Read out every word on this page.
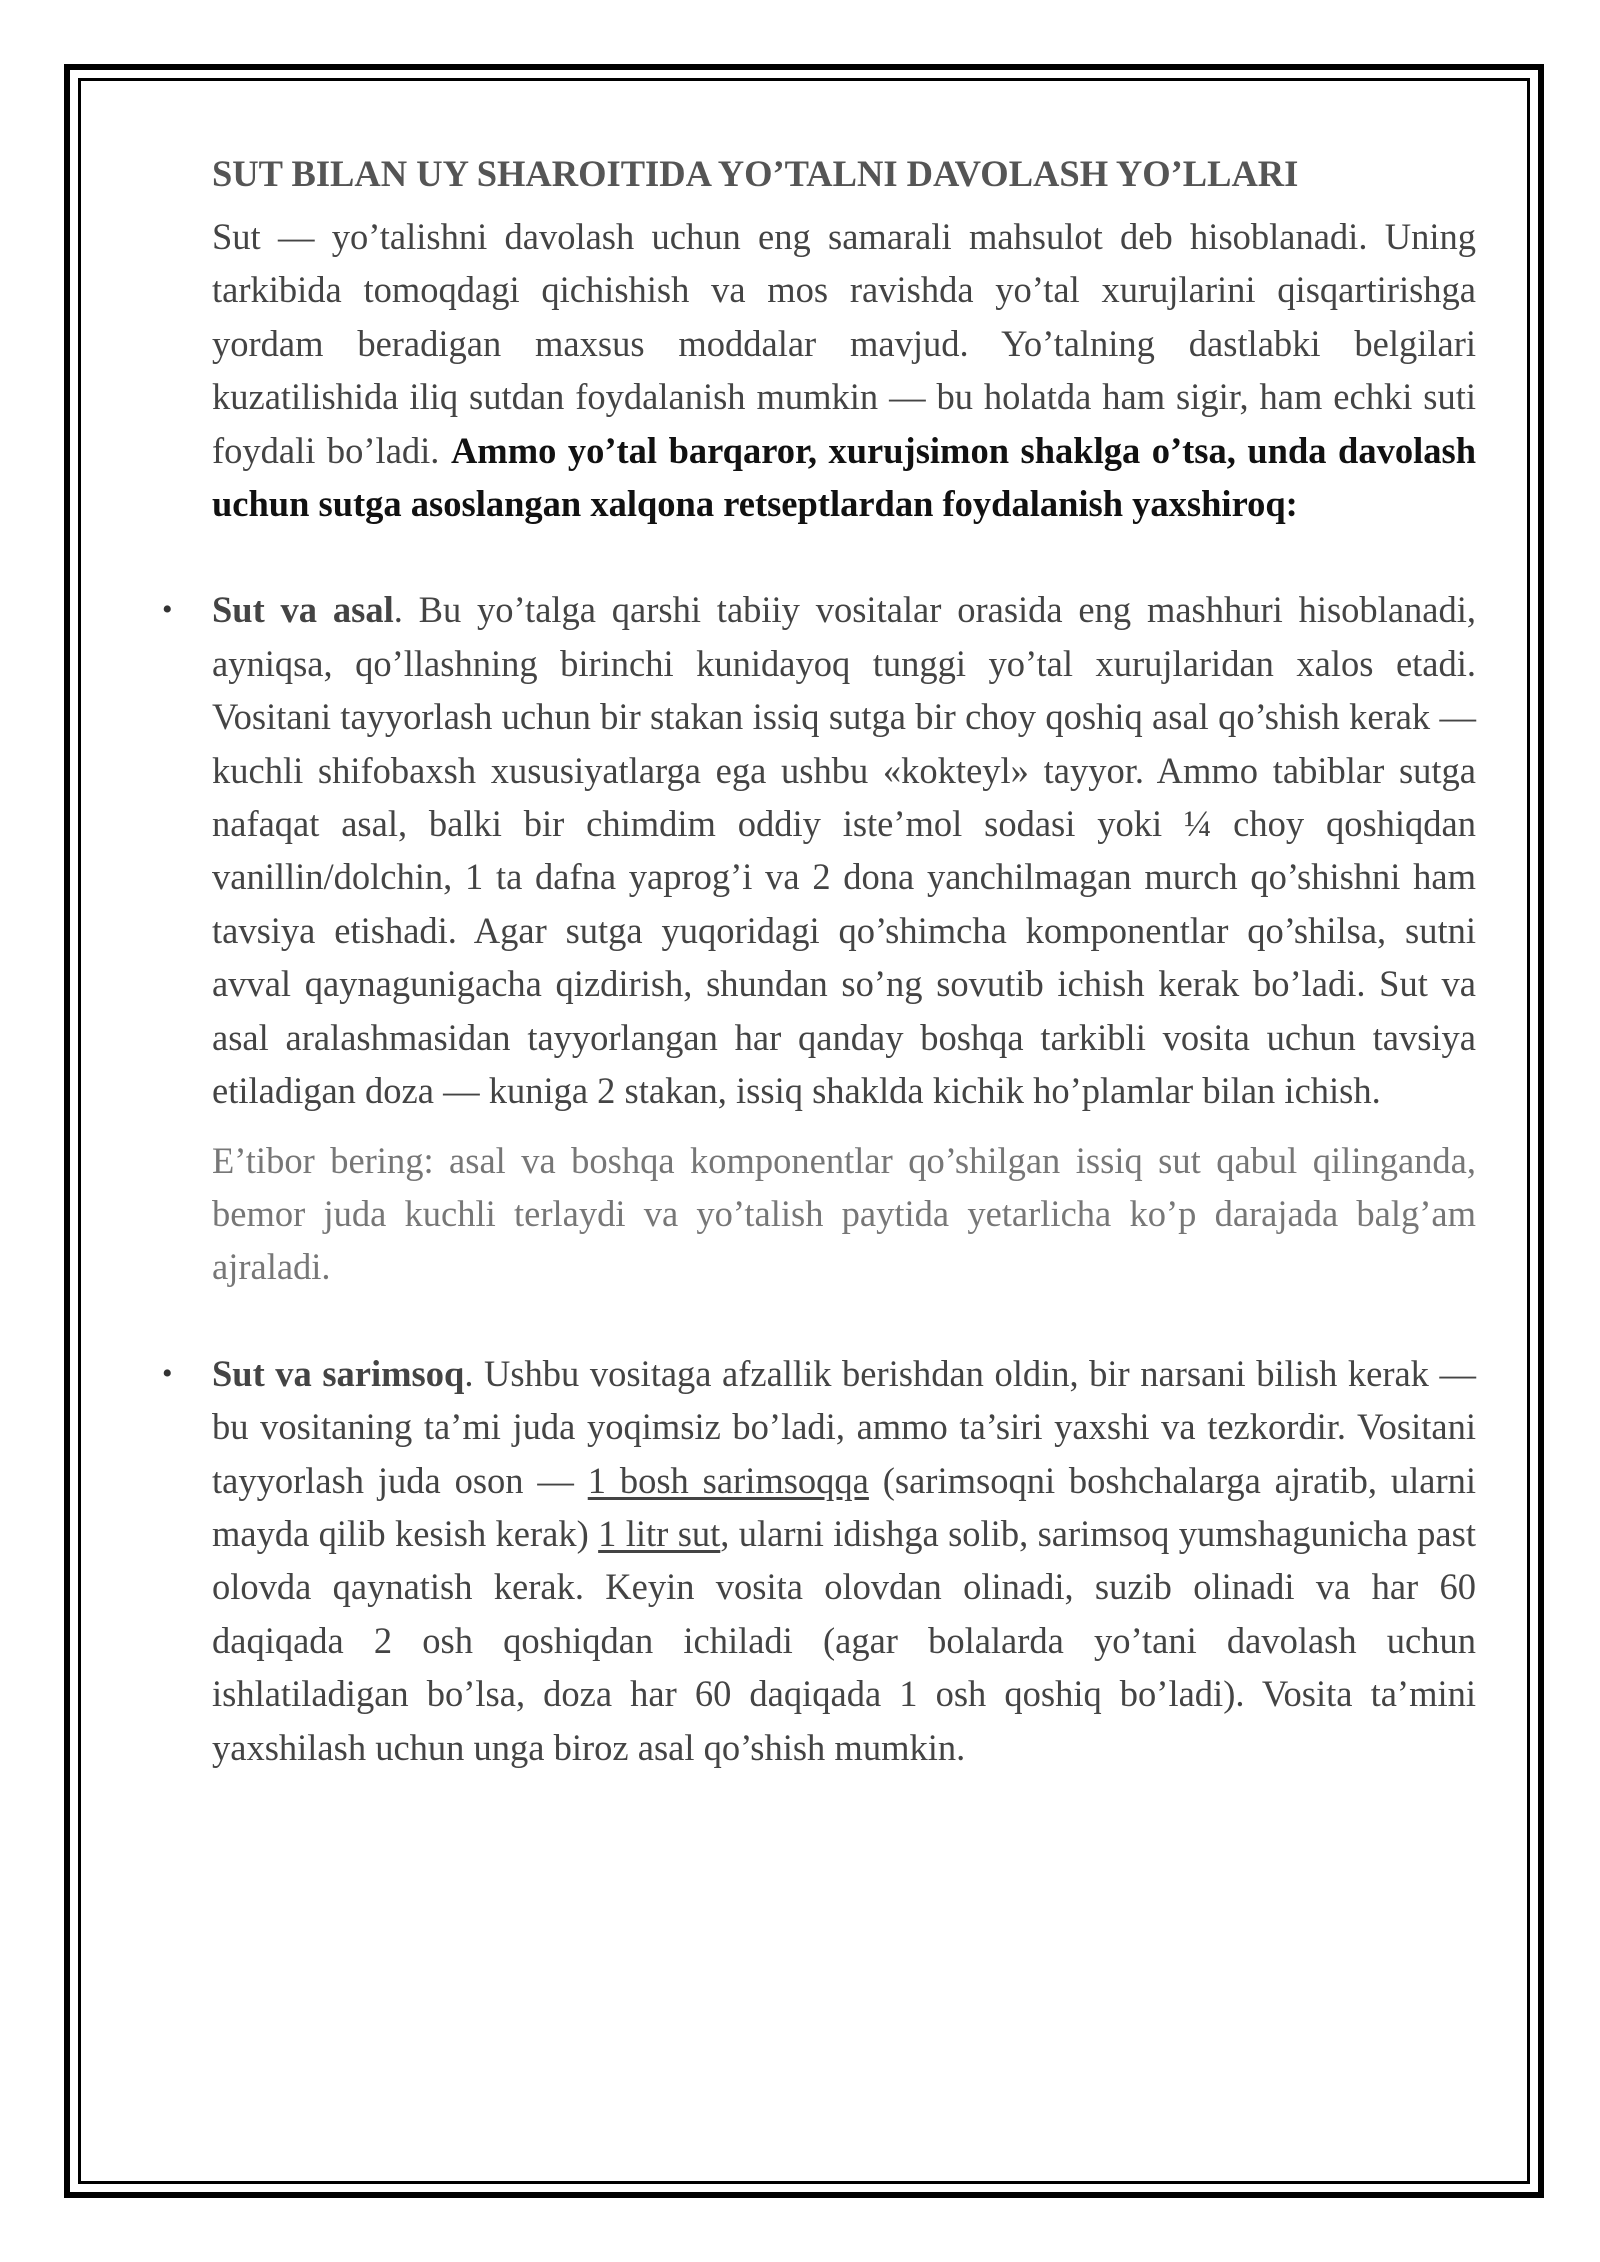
SUT BILAN UY SHAROITIDA YO’TALNI DAVOLASH YO’LLARI

Sut — yo’talishni davolash uchun eng samarali mahsulot deb hisoblanadi. Uning tarkibida tomoqdagi qichishish va mos ravishda yo’tal xurujlarini qisqartirishga yordam beradigan maxsus moddalar mavjud. Yo’talning dastlabki belgilari kuzatilishida iliq sutdan foydalanish mumkin — bu holatda ham sigir, ham echki suti foydali bo’ladi. Ammo yo’tal barqaror, xurujsimon shaklga o’tsa, unda davolash uchun sutga asoslangan xalqona retseptlardan foydalanish yaxshiroq:

• Sut va asal. Bu yo’talga qarshi tabiiy vositalar orasida eng mashhuri hisoblanadi, ayniqsa, qo’llashning birinchi kunidayoq tunggi yo’tal xurujlaridan xalos etadi. Vositani tayyorlash uchun bir stakan issiq sutga bir choy qoshiq asal qo’shish kerak — kuchli shifobaxsh xususiyatlarga ega ushbu «kokteyl» tayyor. Ammo tabiblar sutga nafaqat asal, balki bir chimdim oddiy iste’mol sodasi yoki ¼ choy qoshiqdan vanillin/dolchin, 1 ta dafna yaprog’i va 2 dona yanchilmagan murch qo’shishni ham tavsiya etishadi. Agar sutga yuqoridagi qo’shimcha komponentlar qo’shilsa, sutni avval qaynagunigacha qizdirish, shundan so’ng sovutib ichish kerak bo’ladi. Sut va asal aralashmasidan tayyorlangan har qanday boshqa tarkibli vosita uchun tavsiya etiladigan doza — kuniga 2 stakan, issiq shaklda kichik ho’plamlar bilan ichish.

E’tibor bering: asal va boshqa komponentlar qo’shilgan issiq sut qabul qilinganda, bemor juda kuchli terlaydi va yo’talish paytida yetarlicha ko’p darajada balg’am ajraladi.

• Sut va sarimsoq. Ushbu vositaga afzallik berishdan oldin, bir narsani bilish kerak — bu vositaning ta’mi juda yoqimsiz bo’ladi, ammo ta’siri yaxshi va tezkordir. Vositani tayyorlash juda oson — 1 bosh sarimsoqqa (sarimsoqni boshchalarga ajratib, ularni mayda qilib kesish kerak) 1 litr sut, ularni idishga solib, sarimsoq yumshagunicha past olovda qaynatish kerak. Keyin vosita olovdan olinadi, suzib olinadi va har 60 daqiqada 2 osh qoshiqdan ichiladi (agar bolalarda yo’tani davolash uchun ishlatiladigan bo’lsa, doza har 60 daqiqada 1 osh qoshiq bo’ladi). Vosita ta’mini yaxshilash uchun unga biroz asal qo’shish mumkin.
